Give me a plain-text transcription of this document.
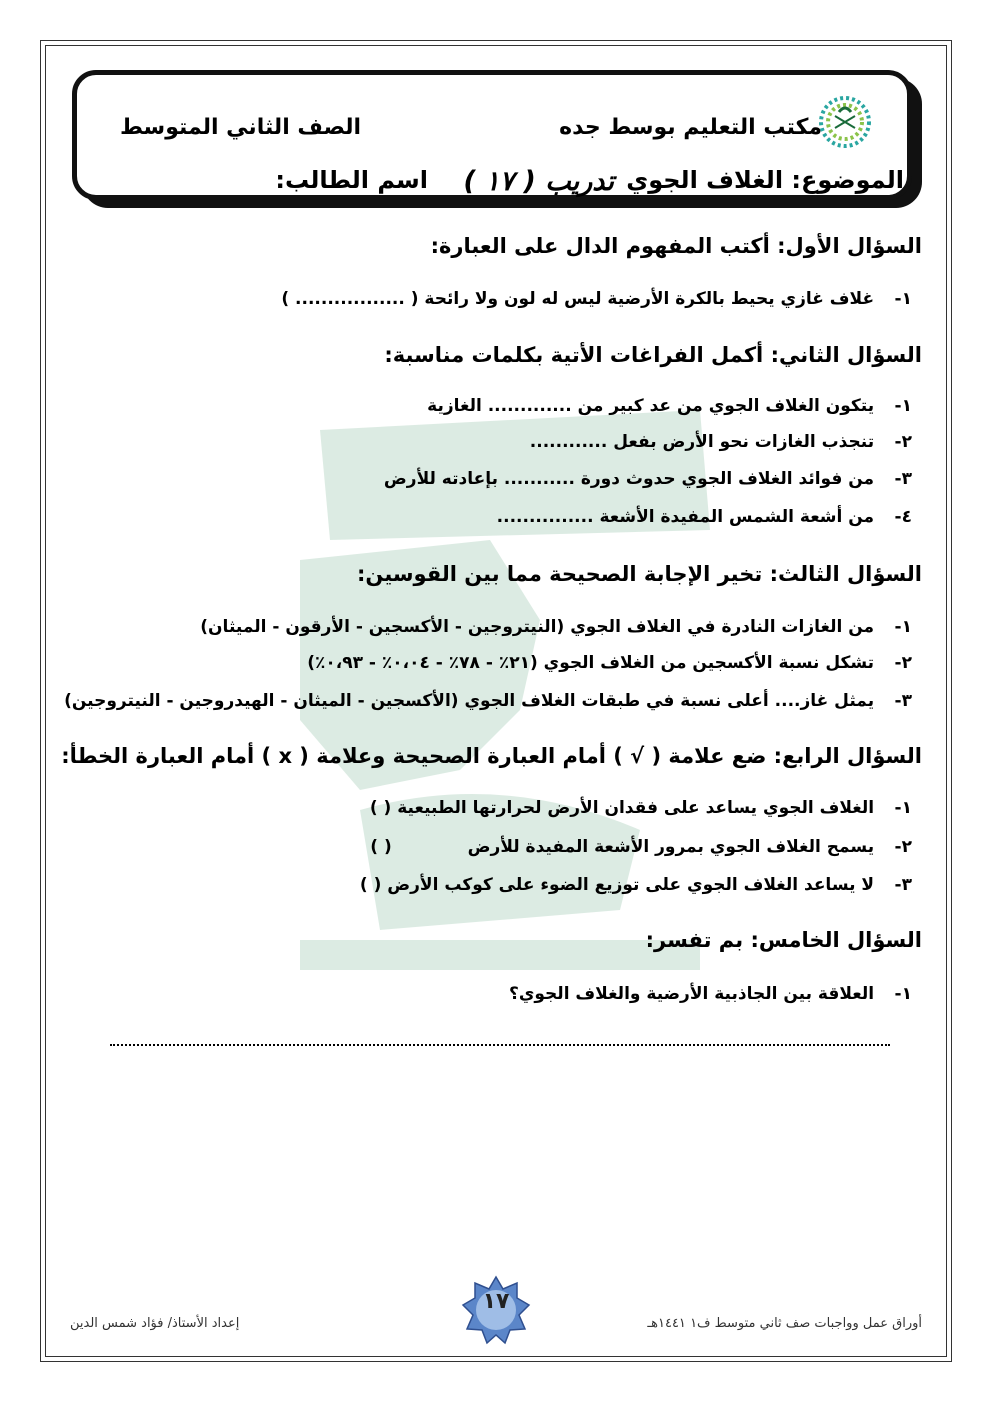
مكتب التعليم بوسط جده
الصف الثاني المتوسط
الموضوع: الغلاف الجوي
تدريب ( ١٧ )
اسم الطالب:
السؤال الأول: أكتب المفهوم الدال على العبارة:
١- غلاف غازي يحيط بالكرة الأرضية ليس له لون ولا رائحة ( ................. )
السؤال الثاني: أكمل الفراغات الأتية بكلمات مناسبة:
١- يتكون الغلاف الجوي من عد كبير من ............. الغازية
٢- تنجذب الغازات نحو الأرض بفعل ............
٣- من فوائد الغلاف الجوي حدوث دورة ........... بإعادته للأرض
٤- من أشعة الشمس المفيدة الأشعة ...............
السؤال الثالث: تخير الإجابة الصحيحة مما بين القوسين:
١- من الغازات النادرة في الغلاف الجوي (النيتروجين - الأكسجين - الأرقون - الميثان)
٢- تشكل نسبة الأكسجين من الغلاف الجوي (٢١٪ - ٧٨٪ - ٠،٠٤٪ - ٠،٩٣٪)
٣- يمثل غاز.... أعلى نسبة في طبقات الغلاف الجوي (الأكسجين - الميثان - الهيدروجين - النيتروجين)
السؤال الرابع: ضع علامة ( √ ) أمام العبارة الصحيحة وعلامة ( x ) أمام العبارة الخطأ:
١- الغلاف الجوي يساعد على فقدان الأرض لحرارتها الطبيعية ( )
٢- يسمح الغلاف الجوي بمرور الأشعة المفيدة للأرض ( )
٣- لا يساعد الغلاف الجوي على توزيع الضوء على كوكب الأرض ( )
السؤال الخامس: بم تفسر:
١- العلاقة بين الجاذبية الأرضية والغلاف الجوي؟
١٧
أوراق عمل وواجبات صف ثاني متوسط ف١ ١٤٤١هـ
إعداد الأستاذ/ فؤاد شمس الدين
